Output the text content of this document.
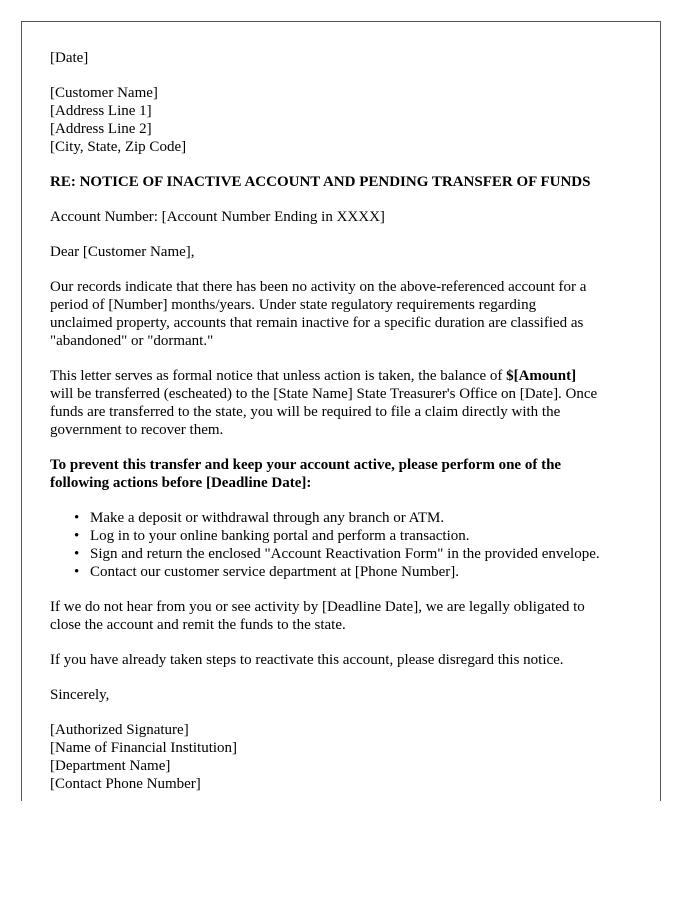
[Date]
[Customer Name]
[Address Line 1]
[Address Line 2]
[City, State, Zip Code]
RE: NOTICE OF INACTIVE ACCOUNT AND PENDING TRANSFER OF FUNDS
Account Number: [Account Number Ending in XXXX]
Dear [Customer Name],
Our records indicate that there has been no activity on the above-referenced account for a
period of [Number] months/years. Under state regulatory requirements regarding
unclaimed property, accounts that remain inactive for a specific duration are classified as
"abandoned" or "dormant."
This letter serves as formal notice that unless action is taken, the balance of $[Amount]
will be transferred (escheated) to the [State Name] State Treasurer's Office on [Date]. Once
funds are transferred to the state, you will be required to file a claim directly with the
government to recover them.
To prevent this transfer and keep your account active, please perform one of the
following actions before [Deadline Date]:
• Make a deposit or withdrawal through any branch or ATM.
• Log in to your online banking portal and perform a transaction.
• Sign and return the enclosed "Account Reactivation Form" in the provided envelope.
• Contact our customer service department at [Phone Number].
If we do not hear from you or see activity by [Deadline Date], we are legally obligated to
close the account and remit the funds to the state.
If you have already taken steps to reactivate this account, please disregard this notice.
Sincerely,
[Authorized Signature]
[Name of Financial Institution]
[Department Name]
[Contact Phone Number]
